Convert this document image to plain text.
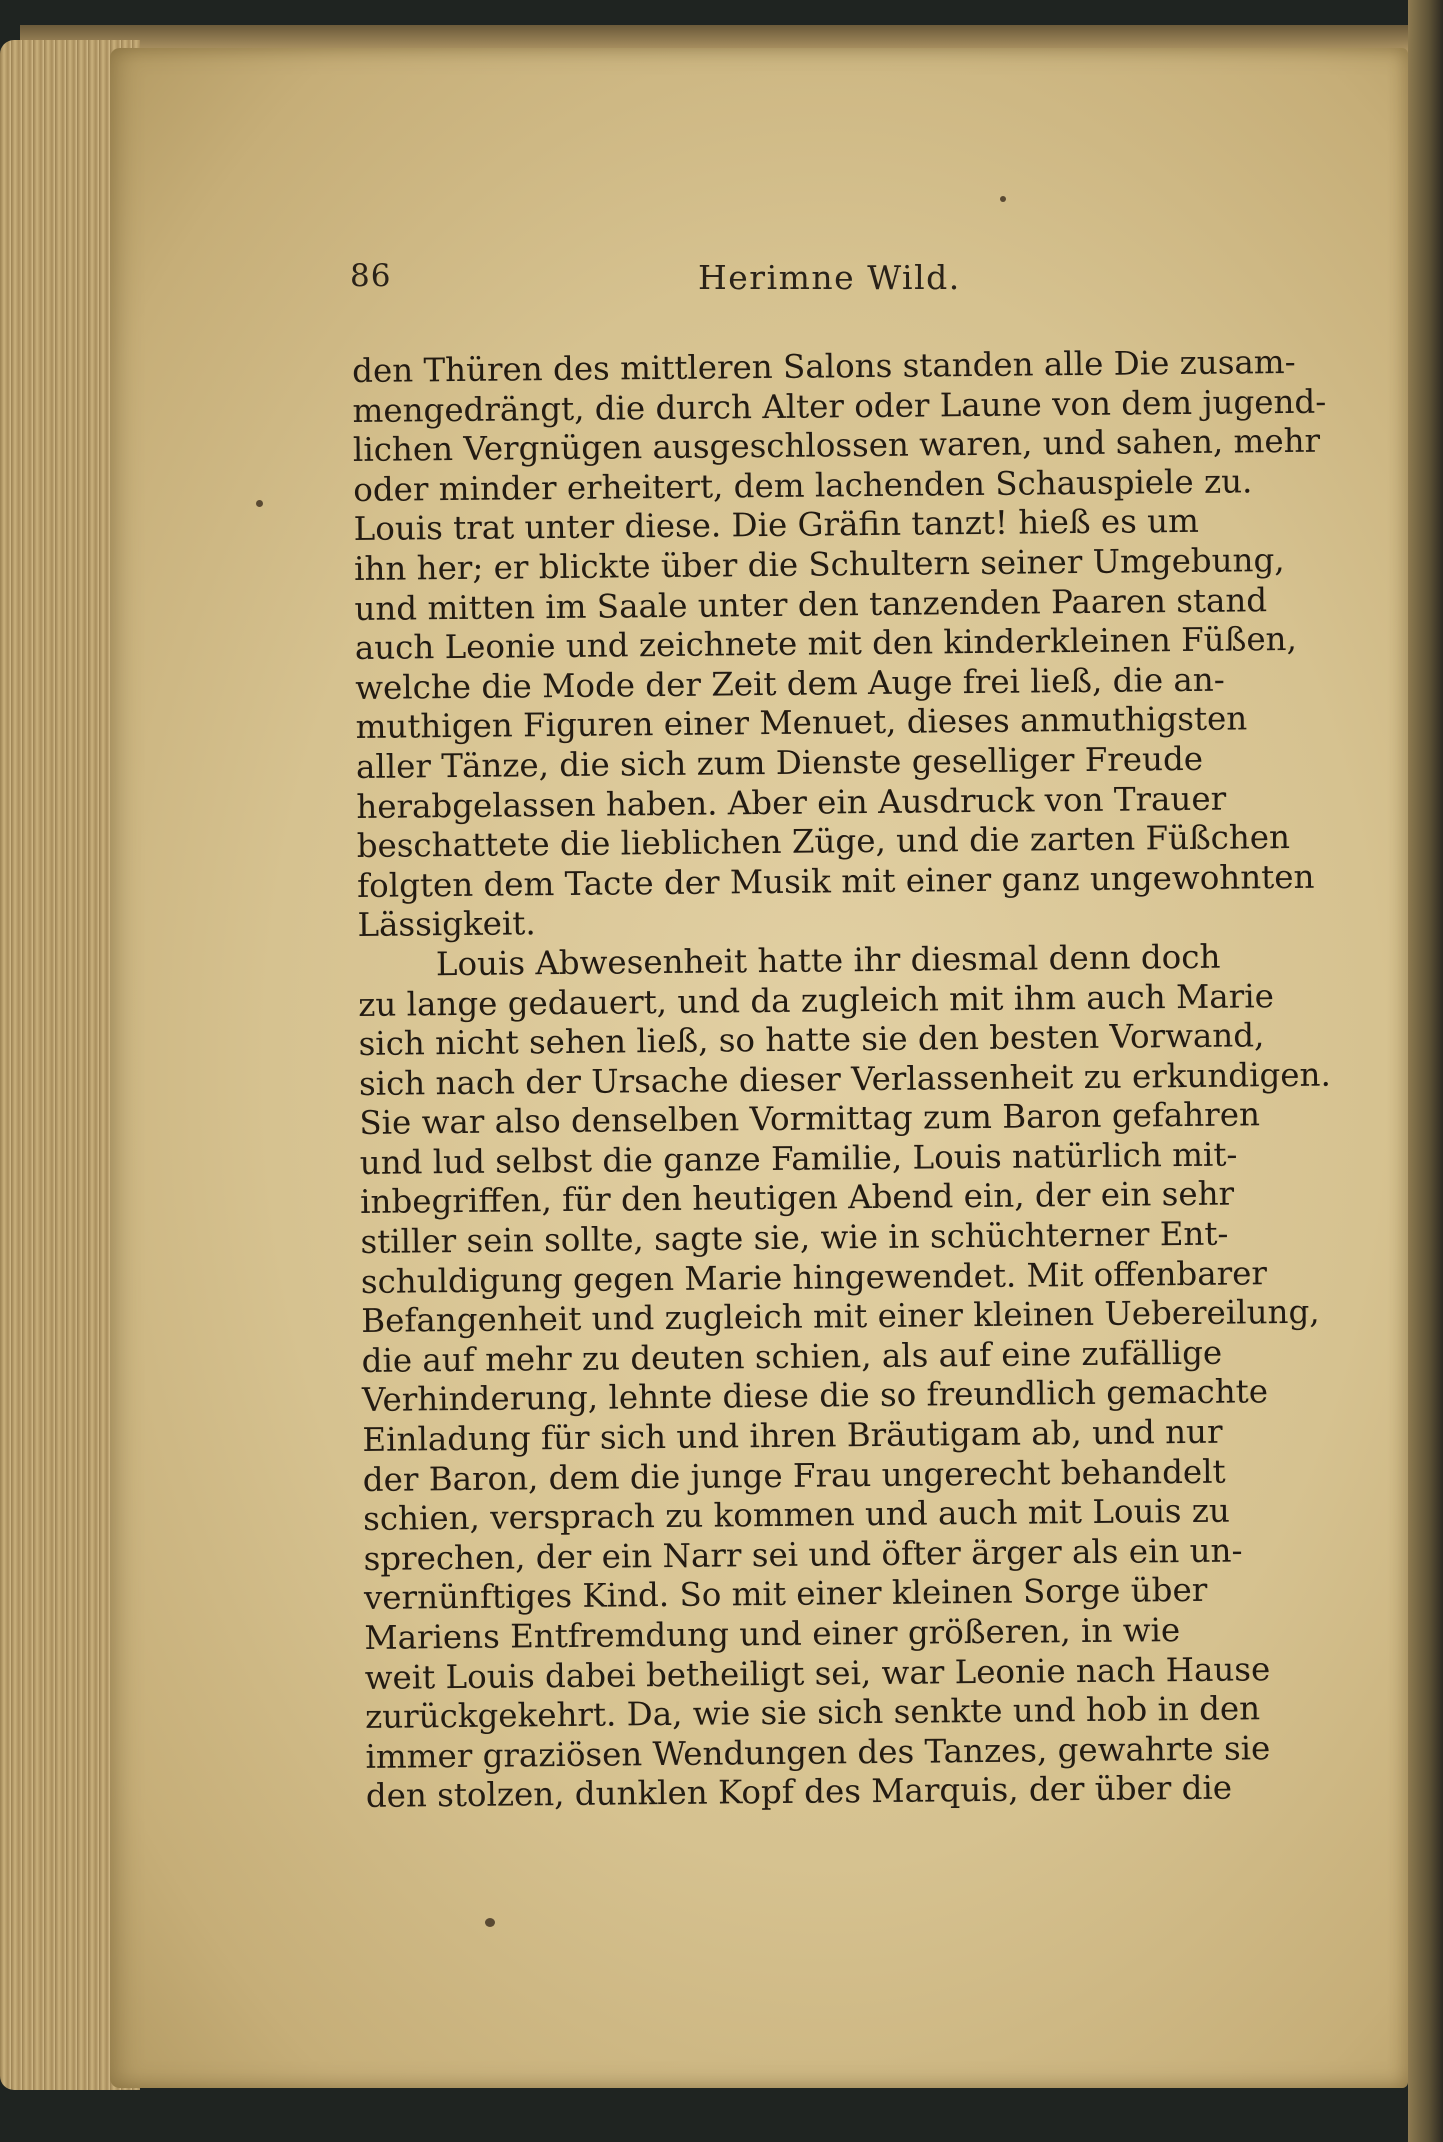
86	Herimne Wild.
den Thüren des mittleren Salons standen alle Die zusam-
mengedrängt, die durch Alter oder Laune von dem jugend-
lichen Vergnügen ausgeschlossen waren, und sahen, mehr
oder minder erheitert, dem lachenden Schauspiele zu.
Louis trat unter diese. Die Gräfin tanzt! hieß es um
ihn her; er blickte über die Schultern seiner Umgebung,
und mitten im Saale unter den tanzenden Paaren stand
auch Leonie und zeichnete mit den kinderkleinen Füßen,
welche die Mode der Zeit dem Auge frei ließ, die an-
muthigen Figuren einer Menuet, dieses anmuthigsten
aller Tänze, die sich zum Dienste geselliger Freude
herabgelassen haben. Aber ein Ausdruck von Trauer
beschattete die lieblichen Züge, und die zarten Füßchen
folgten dem Tacte der Musik mit einer ganz ungewohnten
Lässigkeit.
Louis Abwesenheit hatte ihr diesmal denn doch
zu lange gedauert, und da zugleich mit ihm auch Marie
sich nicht sehen ließ, so hatte sie den besten Vorwand,
sich nach der Ursache dieser Verlassenheit zu erkundigen.
Sie war also denselben Vormittag zum Baron gefahren
und lud selbst die ganze Familie, Louis natürlich mit-
inbegriffen, für den heutigen Abend ein, der ein sehr
stiller sein sollte, sagte sie, wie in schüchterner Ent-
schuldigung gegen Marie hingewendet. Mit offenbarer
Befangenheit und zugleich mit einer kleinen Uebereilung,
die auf mehr zu deuten schien, als auf eine zufällige
Verhinderung, lehnte diese die so freundlich gemachte
Einladung für sich und ihren Bräutigam ab, und nur
der Baron, dem die junge Frau ungerecht behandelt
schien, versprach zu kommen und auch mit Louis zu
sprechen, der ein Narr sei und öfter ärger als ein un-
vernünftiges Kind. So mit einer kleinen Sorge über
Mariens Entfremdung und einer größeren, in wie
weit Louis dabei betheiligt sei, war Leonie nach Hause
zurückgekehrt. Da, wie sie sich senkte und hob in den
immer graziösen Wendungen des Tanzes, gewahrte sie
den stolzen, dunklen Kopf des Marquis, der über die
